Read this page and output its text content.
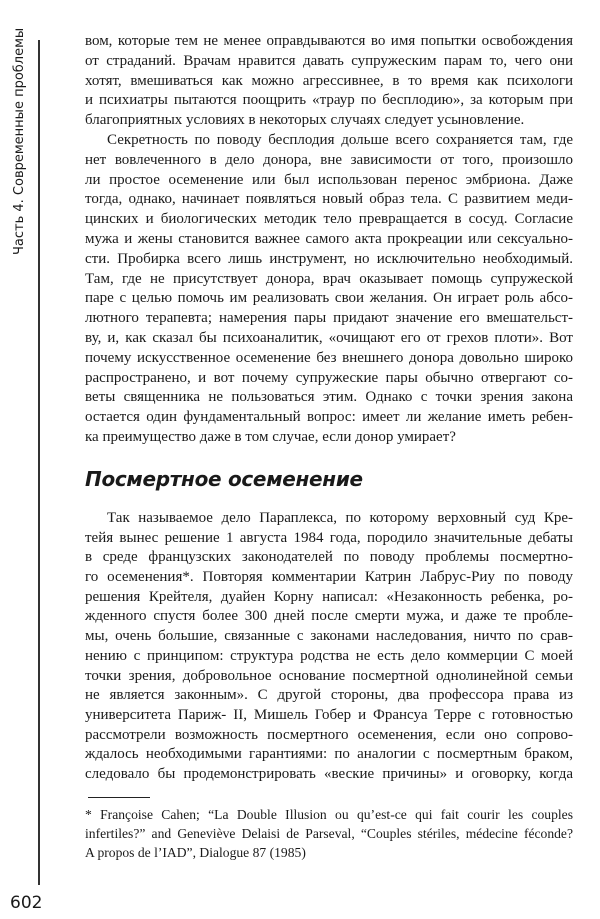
Часть 4. Современные проблемы
602
вом, которые тем не менее оправдываются во имя попытки освобождения
от страданий. Врачам нравится давать супружеским парам то, чего они
хотят, вмешиваться как можно агрессивнее, в то время как психологи
и психиатры пытаются поощрить «траур по бесплодию», за которым при
благоприятных условиях в некоторых случаях следует усыновление.
Секретность по поводу бесплодия дольше всего сохраняется там, где
нет вовлеченного в дело донора, вне зависимости от того, произошло
ли простое осеменение или был использован перенос эмбриона. Даже
тогда, однако, начинает появляться новый образ тела. С развитием меди-
цинских и биологических методик тело превращается в сосуд. Согласие
мужа и жены становится важнее самого акта прокреации или сексуально-
сти. Пробирка всего лишь инструмент, но исключительно необходимый.
Там, где не присутствует донора, врач оказывает помощь супружеской
паре с целью помочь им реализовать свои желания. Он играет роль абсо-
лютного терапевта; намерения пары придают значение его вмешательст-
ву, и, как сказал бы психоаналитик, «очищают его от грехов плоти». Вот
почему искусственное осеменение без внешнего донора довольно широко
распространено, и вот почему супружеские пары обычно отвергают со-
веты священника не пользоваться этим. Однако с точки зрения закона
остается один фундаментальный вопрос: имеет ли желание иметь ребен-
ка преимущество даже в том случае, если донор умирает?
Посмертное осеменение
Так называемое дело Параплекса, по которому верховный суд Кре-
тейя вынес решение 1 августа 1984 года, породило значительные дебаты
в среде французских законодателей по поводу проблемы посмертно-
го осеменения*. Повторяя комментарии Катрин Лабрус-Риу по поводу
решения Крейтеля, дуайен Корну написал: «Незаконность ребенка, ро-
жденного спустя более 300 дней после смерти мужа, и даже те пробле-
мы, очень большие, связанные с законами наследования, ничто по срав-
нению с принципом: структура родства не есть дело коммерции С моей
точки зрения, добровольное основание посмертной однолинейной семьи
не является законным». С другой стороны, два профессора права из
университета Париж- II, Мишель Гобер и Франсуа Терре с готовностью
рассмотрели возможность посмертного осеменения, если оно сопрово-
ждалось необходимыми гарантиями: по аналогии с посмертным браком,
следовало бы продемонстрировать «веские причины» и оговорку, когда
* Françoise Cahen; “La Double Illusion ou qu’est-ce qui fait courir les couples
infertiles?” and Geneviève Delaisi de Parseval, “Couples stériles, médecine féconde?
A propos de l’IAD”, Dialogue 87 (1985)
